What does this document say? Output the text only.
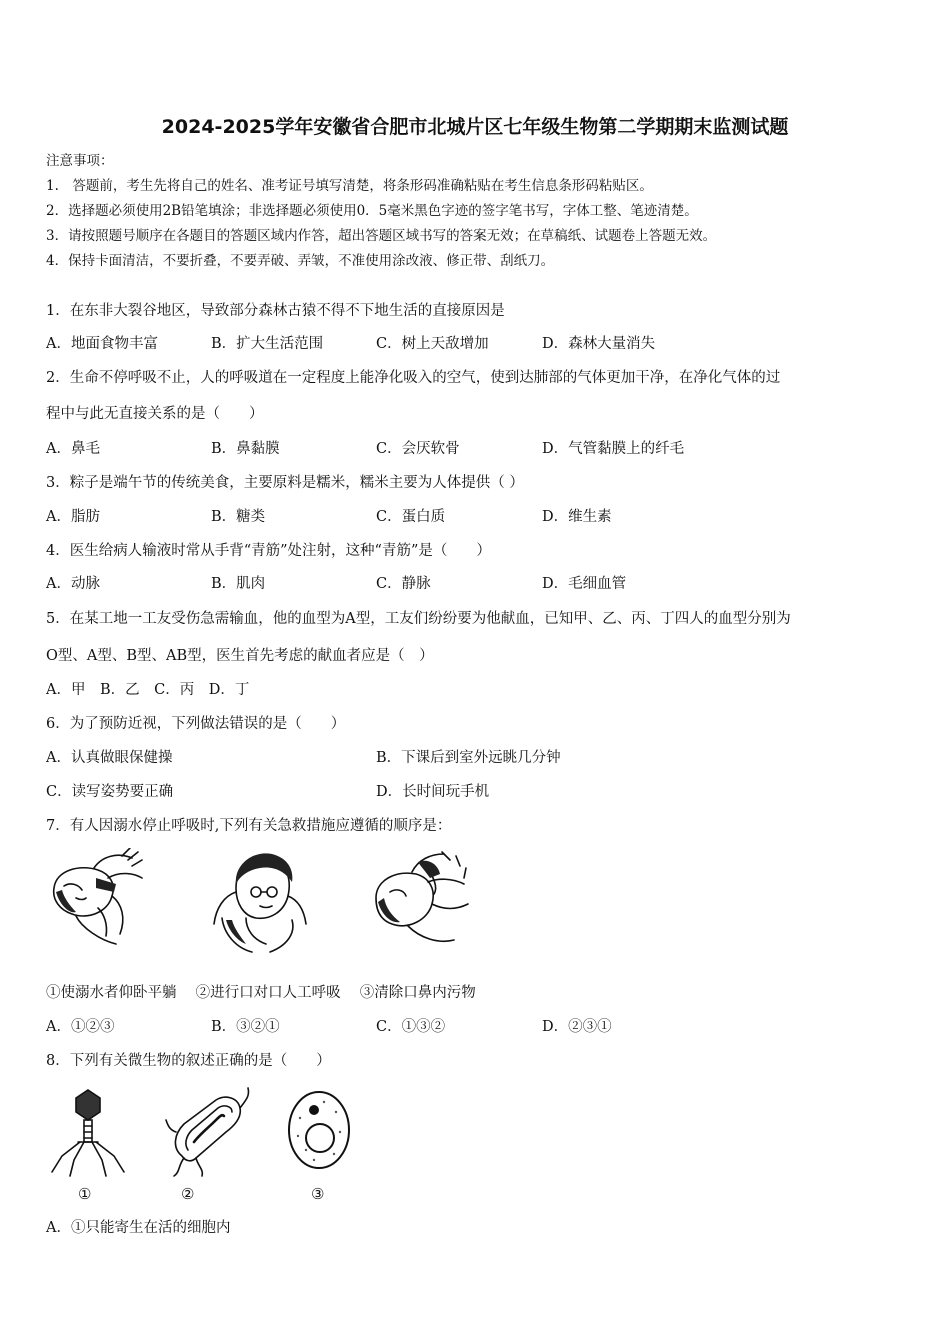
2024-2025学年安徽省合肥市北城片区七年级生物第二学期期末监测试题
注意事项：
1.　答题前，考生先将自己的姓名、准考证号填写清楚，将条形码准确粘贴在考生信息条形码粘贴区。
2．选择题必须使用2B铅笔填涂；非选择题必须使用0．5毫米黑色字迹的签字笔书写，字体工整、笔迹清楚。
3．请按照题号顺序在各题目的答题区域内作答，超出答题区域书写的答案无效；在草稿纸、试题卷上答题无效。
4．保持卡面清洁，不要折叠，不要弄破、弄皱，不准使用涂改液、修正带、刮纸刀。
1．在东非大裂谷地区，导致部分森林古猿不得不下地生活的直接原因是
A．地面食物丰富	B．扩大生活范围	C．树上天敌增加	D．森林大量消失
2．生命不停呼吸不止，人的呼吸道在一定程度上能净化吸入的空气，使到达肺部的气体更加干净，在净化气体的过
程中与此无直接关系的是（　　）
A．鼻毛	B．鼻黏膜	C．会厌软骨	D．气管黏膜上的纤毛
3．粽子是端午节的传统美食，主要原料是糯米，糯米主要为人体提供（ ）
A．脂肪	B．糖类	C．蛋白质	D．维生素
4．医生给病人输液时常从手背“青筋”处注射，这种“青筋”是（　　）
A．动脉	B．肌肉	C．静脉	D．毛细血管
5．在某工地一工友受伤急需输血，他的血型为A型，工友们纷纷要为他献血，已知甲、乙、丙、丁四人的血型分别为
O型、A型、B型、AB型，医生首先考虑的献血者应是（　）
A．甲　B．乙　C．丙　D．丁
6．为了预防近视，下列做法错误的是（　　）
A．认真做眼保健操	B．下课后到室外远眺几分钟
C．读写姿势要正确	D．长时间玩手机
7．有人因溺水停止呼吸时,下列有关急救措施应遵循的顺序是：
①使溺水者仰卧平躺　 ②进行口对口人工呼吸　 ③清除口鼻内污物
A．①②③	B．③②①	C．①③②	D．②③①
8．下列有关微生物的叙述正确的是（　　）
①	②	③
A．①只能寄生在活的细胞内
